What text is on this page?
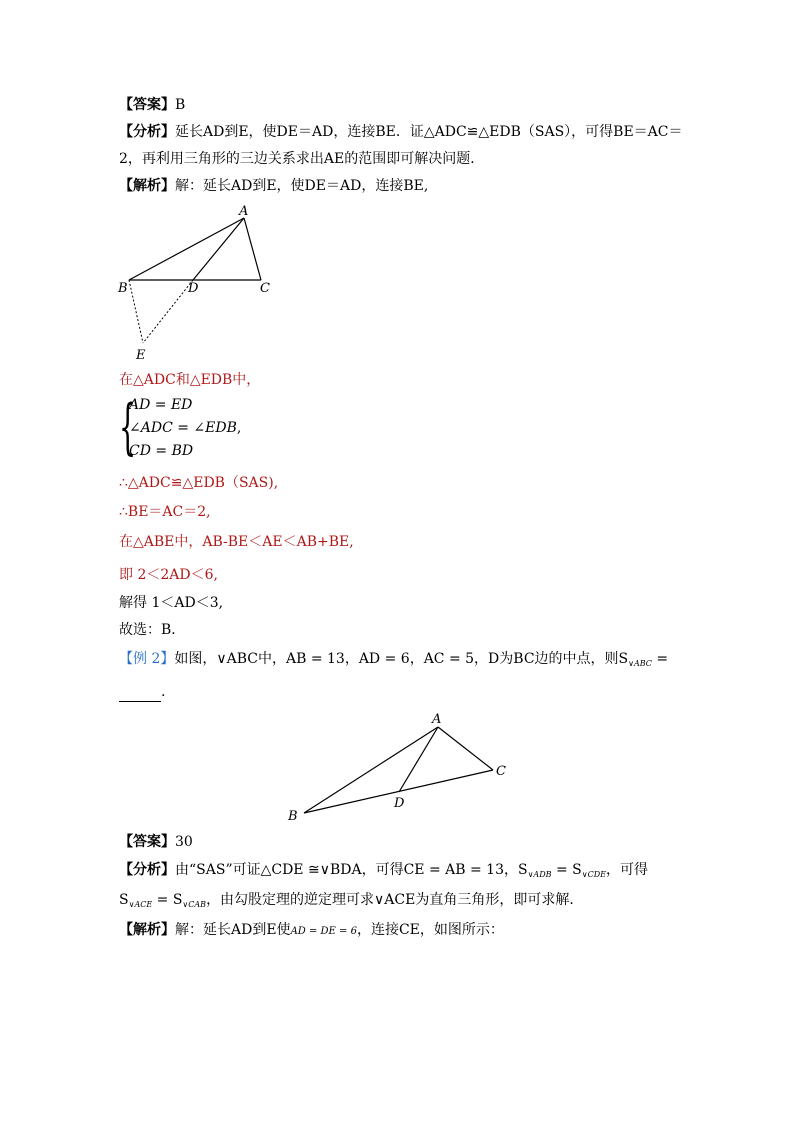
【答案】B
【分析】延长AD到E，使DE＝AD，连接BE．证△ADC≌△EDB（SAS），可得BE＝AC＝
2，再利用三角形的三边关系求出AE的范围即可解决问题．
【解析】解：延长AD到E，使DE＝AD，连接BE,
A
B	C
D
E
在△ADC和△EDB中，
{
AD = ED
∠ADC = ∠EDB,
CD = BD
∴△ADC≌△EDB（SAS),
∴BE＝AC＝2,
在△ABE中，AB-BE＜AE＜AB+BE,
即 2＜2AD＜6,
解得 1＜AD＜3,
故选：B．
【例 2】如图，∨ABC中，AB = 13，AD = 6，AC = 5，D为BC边的中点，则$S_{\vee ABC}$ =
.
A
B
C
D
【答案】30
【分析】由“SAS”可证△CDE ≅∨BDA，可得CE = AB = 13，$S_{\vee ADB} = S_{\vee CDE}$，可得
$S_{\vee ACE} = S_{\vee CAB}$，由勾股定理的逆定理可求∨ACE为直角三角形，即可求解．
【解析】解：延长AD到E使AD = DE = 6，连接CE，如图所示：
